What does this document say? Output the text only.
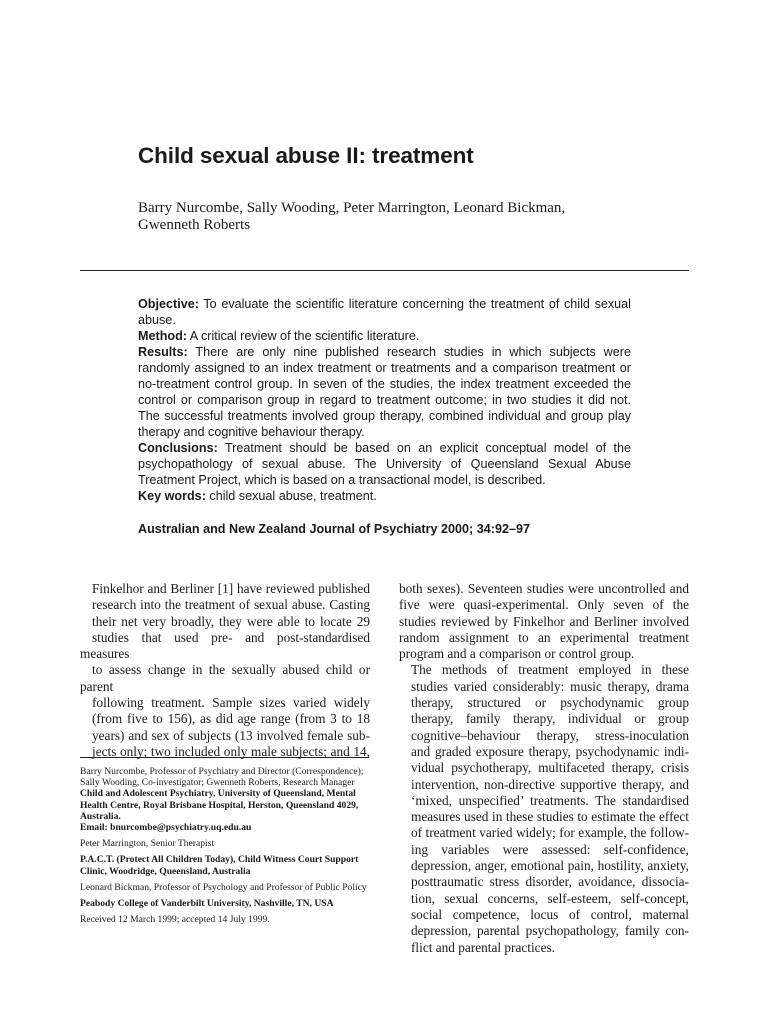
Child sexual abuse II: treatment
Barry Nurcombe, Sally Wooding, Peter Marrington, Leonard Bickman,
Gwenneth Roberts

Objective: To evaluate the scientific literature concerning the treatment of child sexual abuse.

Method: A critical review of the scientific literature.

Results: There are only nine published research studies in which subjects were randomly assigned to an index treatment or treatments and a comparison treatment or no-treatment control group. In seven of the studies, the index treatment exceeded the control or comparison group in regard to treatment outcome; in two studies it did not. The successful treatments involved group therapy, combined individual and group play therapy and cognitive behaviour therapy.

Conclusions: Treatment should be based on an explicit conceptual model of the psychopathology of sexual abuse. The University of Queensland Sexual Abuse Treatment Project, which is based on a transactional model, is described.

Key words: child sexual abuse, treatment.

Australian and New Zealand Journal of Psychiatry 2000; 34:92–97

Finkelhor and Berliner [1] have reviewed published
research into the treatment of sexual abuse. Casting
their net very broadly, they were able to locate 29
studies that used pre- and post-standardised measures
to assess change in the sexually abused child or parent
following treatment. Sample sizes varied widely
(from five to 156), as did age range (from 3 to 18
years) and sex of subjects (13 involved female sub-
jects only; two included only male subjects; and 14,

Barry Nurcombe, Professor of Psychiatry and Director (Correspondence); Sally Wooding, Co-investigator; Gwenneth Roberts, Research Manager

Child and Adolescent Psychiatry, University of Queensland, Mental Health Centre, Royal Brisbane Hospital, Herston, Queensland 4029, Australia.

Email: bnurcombe@psychiatry.uq.edu.au

Peter Marrington, Senior Therapist

P.A.C.T. (Protect All Children Today), Child Witness Court Support Clinic, Woodridge, Queensland, Australia

Leonard Bickman, Professor of Psychology and Professor of Public Policy

Peabody College of Vanderbilt University, Nashville, TN, USA

Received 12 March 1999; accepted 14 July 1999.

both sexes). Seventeen studies were uncontrolled and
five were quasi-experimental. Only seven of the
studies reviewed by Finkelhor and Berliner involved
random assignment to an experimental treatment
program and a comparison or control group.

The methods of treatment employed in these
studies varied considerably: music therapy, drama
therapy, structured or psychodynamic group
therapy, family therapy, individual or group
cognitive–behaviour therapy, stress-inoculation
and graded exposure therapy, psychodynamic indi-
vidual psychotherapy, multifaceted therapy, crisis
intervention, non-directive supportive therapy, and
‘mixed, unspecified’ treatments. The standardised
measures used in these studies to estimate the effect
of treatment varied widely; for example, the follow-
ing variables were assessed: self-confidence,
depression, anger, emotional pain, hostility, anxiety,
posttraumatic stress disorder, avoidance, dissocia-
tion, sexual concerns, self-esteem, self-concept,
social competence, locus of control, maternal
depression, parental psychopathology, family con-
flict and parental practices.
